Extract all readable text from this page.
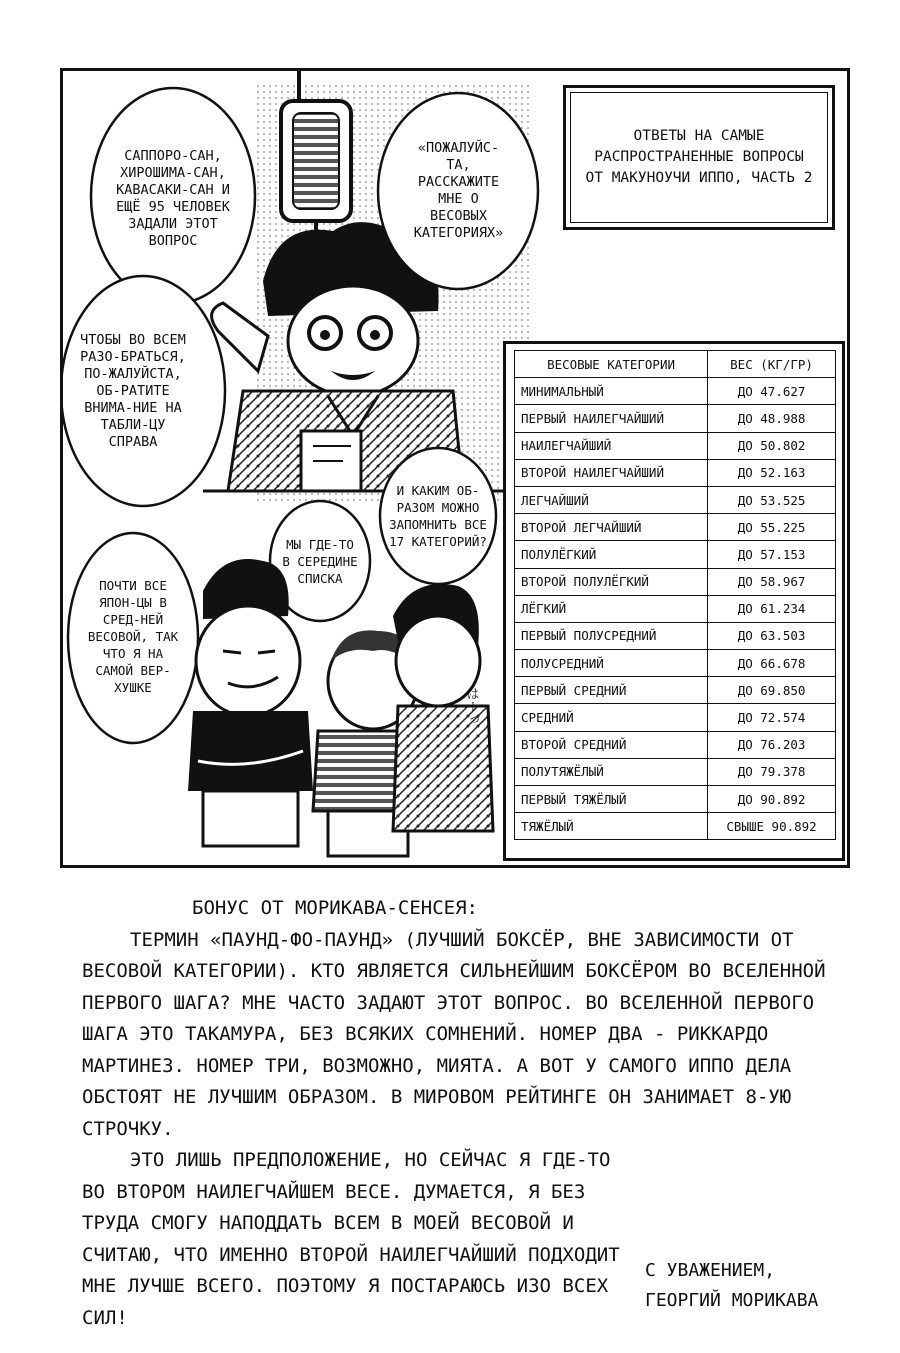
САППОРО-САН, ХИРОШИМА-САН, КАВАСАКИ-САН И ЕЩЁ 95 ЧЕЛОВЕК ЗАДАЛИ ЭТОТ ВОПРОС
«ПОЖАЛУЙС-ТА, РАССКАЖИТЕ МНЕ О ВЕСОВЫХ КАТЕГОРИЯХ»
ЧТОБЫ ВО ВСЕМ РАЗО-БРАТЬСЯ, ПО-ЖАЛУЙСТА, ОБ-РАТИТЕ ВНИМА-НИЕ НА ТАБЛИ-ЦУ СПРАВА
И КАКИМ ОБ-РАЗОМ МОЖНО ЗАПОМНИТЬ ВСЕ 17 КАТЕГОРИЙ?
МЫ ГДЕ-ТО В СЕРЕДИНЕ СПИСКА
ПОЧТИ ВСЕ ЯПОН-ЦЫ В СРЕД-НЕЙ ВЕСОВОЙ, ТАК ЧТО Я НА САМОЙ ВЕР-ХУШКЕ	はーっ
ОТВЕТЫ НА САМЫЕ РАСПРОСТРАНЕННЫЕ ВОПРОСЫ ОТ МАКУНОУЧИ ИППО, ЧАСТЬ 2
ВЕСОВЫЕ КАТЕГОРИИ	ВЕС (КГ/ГР)
МИНИМАЛЬНЫЙ	ДО 47.627
ПЕРВЫЙ НАИЛЕГЧАЙШИЙ	ДО 48.988
НАИЛЕГЧАЙШИЙ	ДО 50.802
ВТОРОЙ НАИЛЕГЧАЙШИЙ	ДО 52.163
ЛЕГЧАЙШИЙ	ДО 53.525
ВТОРОЙ ЛЕГЧАЙШИЙ	ДО 55.225
ПОЛУЛЁГКИЙ	ДО 57.153
ВТОРОЙ ПОЛУЛЁГКИЙ	ДО 58.967
ЛЁГКИЙ	ДО 61.234
ПЕРВЫЙ ПОЛУСРЕДНИЙ	ДО 63.503
ПОЛУСРЕДНИЙ	ДО 66.678
ПЕРВЫЙ СРЕДНИЙ	ДО 69.850
СРЕДНИЙ	ДО 72.574
ВТОРОЙ СРЕДНИЙ	ДО 76.203
ПОЛУТЯЖЁЛЫЙ	ДО 79.378
ПЕРВЫЙ ТЯЖЁЛЫЙ	ДО 90.892
ТЯЖЁЛЫЙ	СВЫШЕ 90.892

БОНУС ОТ МОРИКАВА-СЕНСЕЯ:

ТЕРМИН «ПАУНД-ФО-ПАУНД» (ЛУЧШИЙ БОКСЁР, ВНЕ ЗАВИСИМОСТИ ОТ ВЕСОВОЙ КАТЕГОРИИ). КТО ЯВЛЯЕТСЯ СИЛЬНЕЙШИМ БОКСЁРОМ ВО ВСЕЛЕННОЙ ПЕРВОГО ШАГА? МНЕ ЧАСТО ЗАДАЮТ ЭТОТ ВОПРОС. ВО ВСЕЛЕННОЙ ПЕРВОГО ШАГА ЭТО ТАКАМУРА, БЕЗ ВСЯКИХ СОМНЕНИЙ. НОМЕР ДВА - РИККАРДО МАРТИНЕЗ. НОМЕР ТРИ, ВОЗМОЖНО, МИЯТА. А ВОТ У САМОГО ИППО ДЕЛА ОБСТОЯТ НЕ ЛУЧШИМ ОБРАЗОМ. В МИРОВОМ РЕЙТИНГЕ ОН ЗАНИМАЕТ 8-УЮ СТРОЧКУ.

ЭТО ЛИШЬ ПРЕДПОЛОЖЕНИЕ, НО СЕЙЧАС Я ГДЕ-ТО ВО ВТОРОМ НАИЛЕГЧАЙШЕМ ВЕСЕ. ДУМАЕТСЯ, Я БЕЗ ТРУДА СМОГУ НАПОДДАТЬ ВСЕМ В МОЕЙ ВЕСОВОЙ И СЧИТАЮ, ЧТО ИМЕННО ВТОРОЙ НАИЛЕГЧАЙШИЙ ПОДХОДИТ МНЕ ЛУЧШЕ ВСЕГО. ПОЭТОМУ Я ПОСТАРАЮСЬ ИЗО ВСЕХ СИЛ!

С УВАЖЕНИЕМ,
ГЕОРГИЙ МОРИКАВА
